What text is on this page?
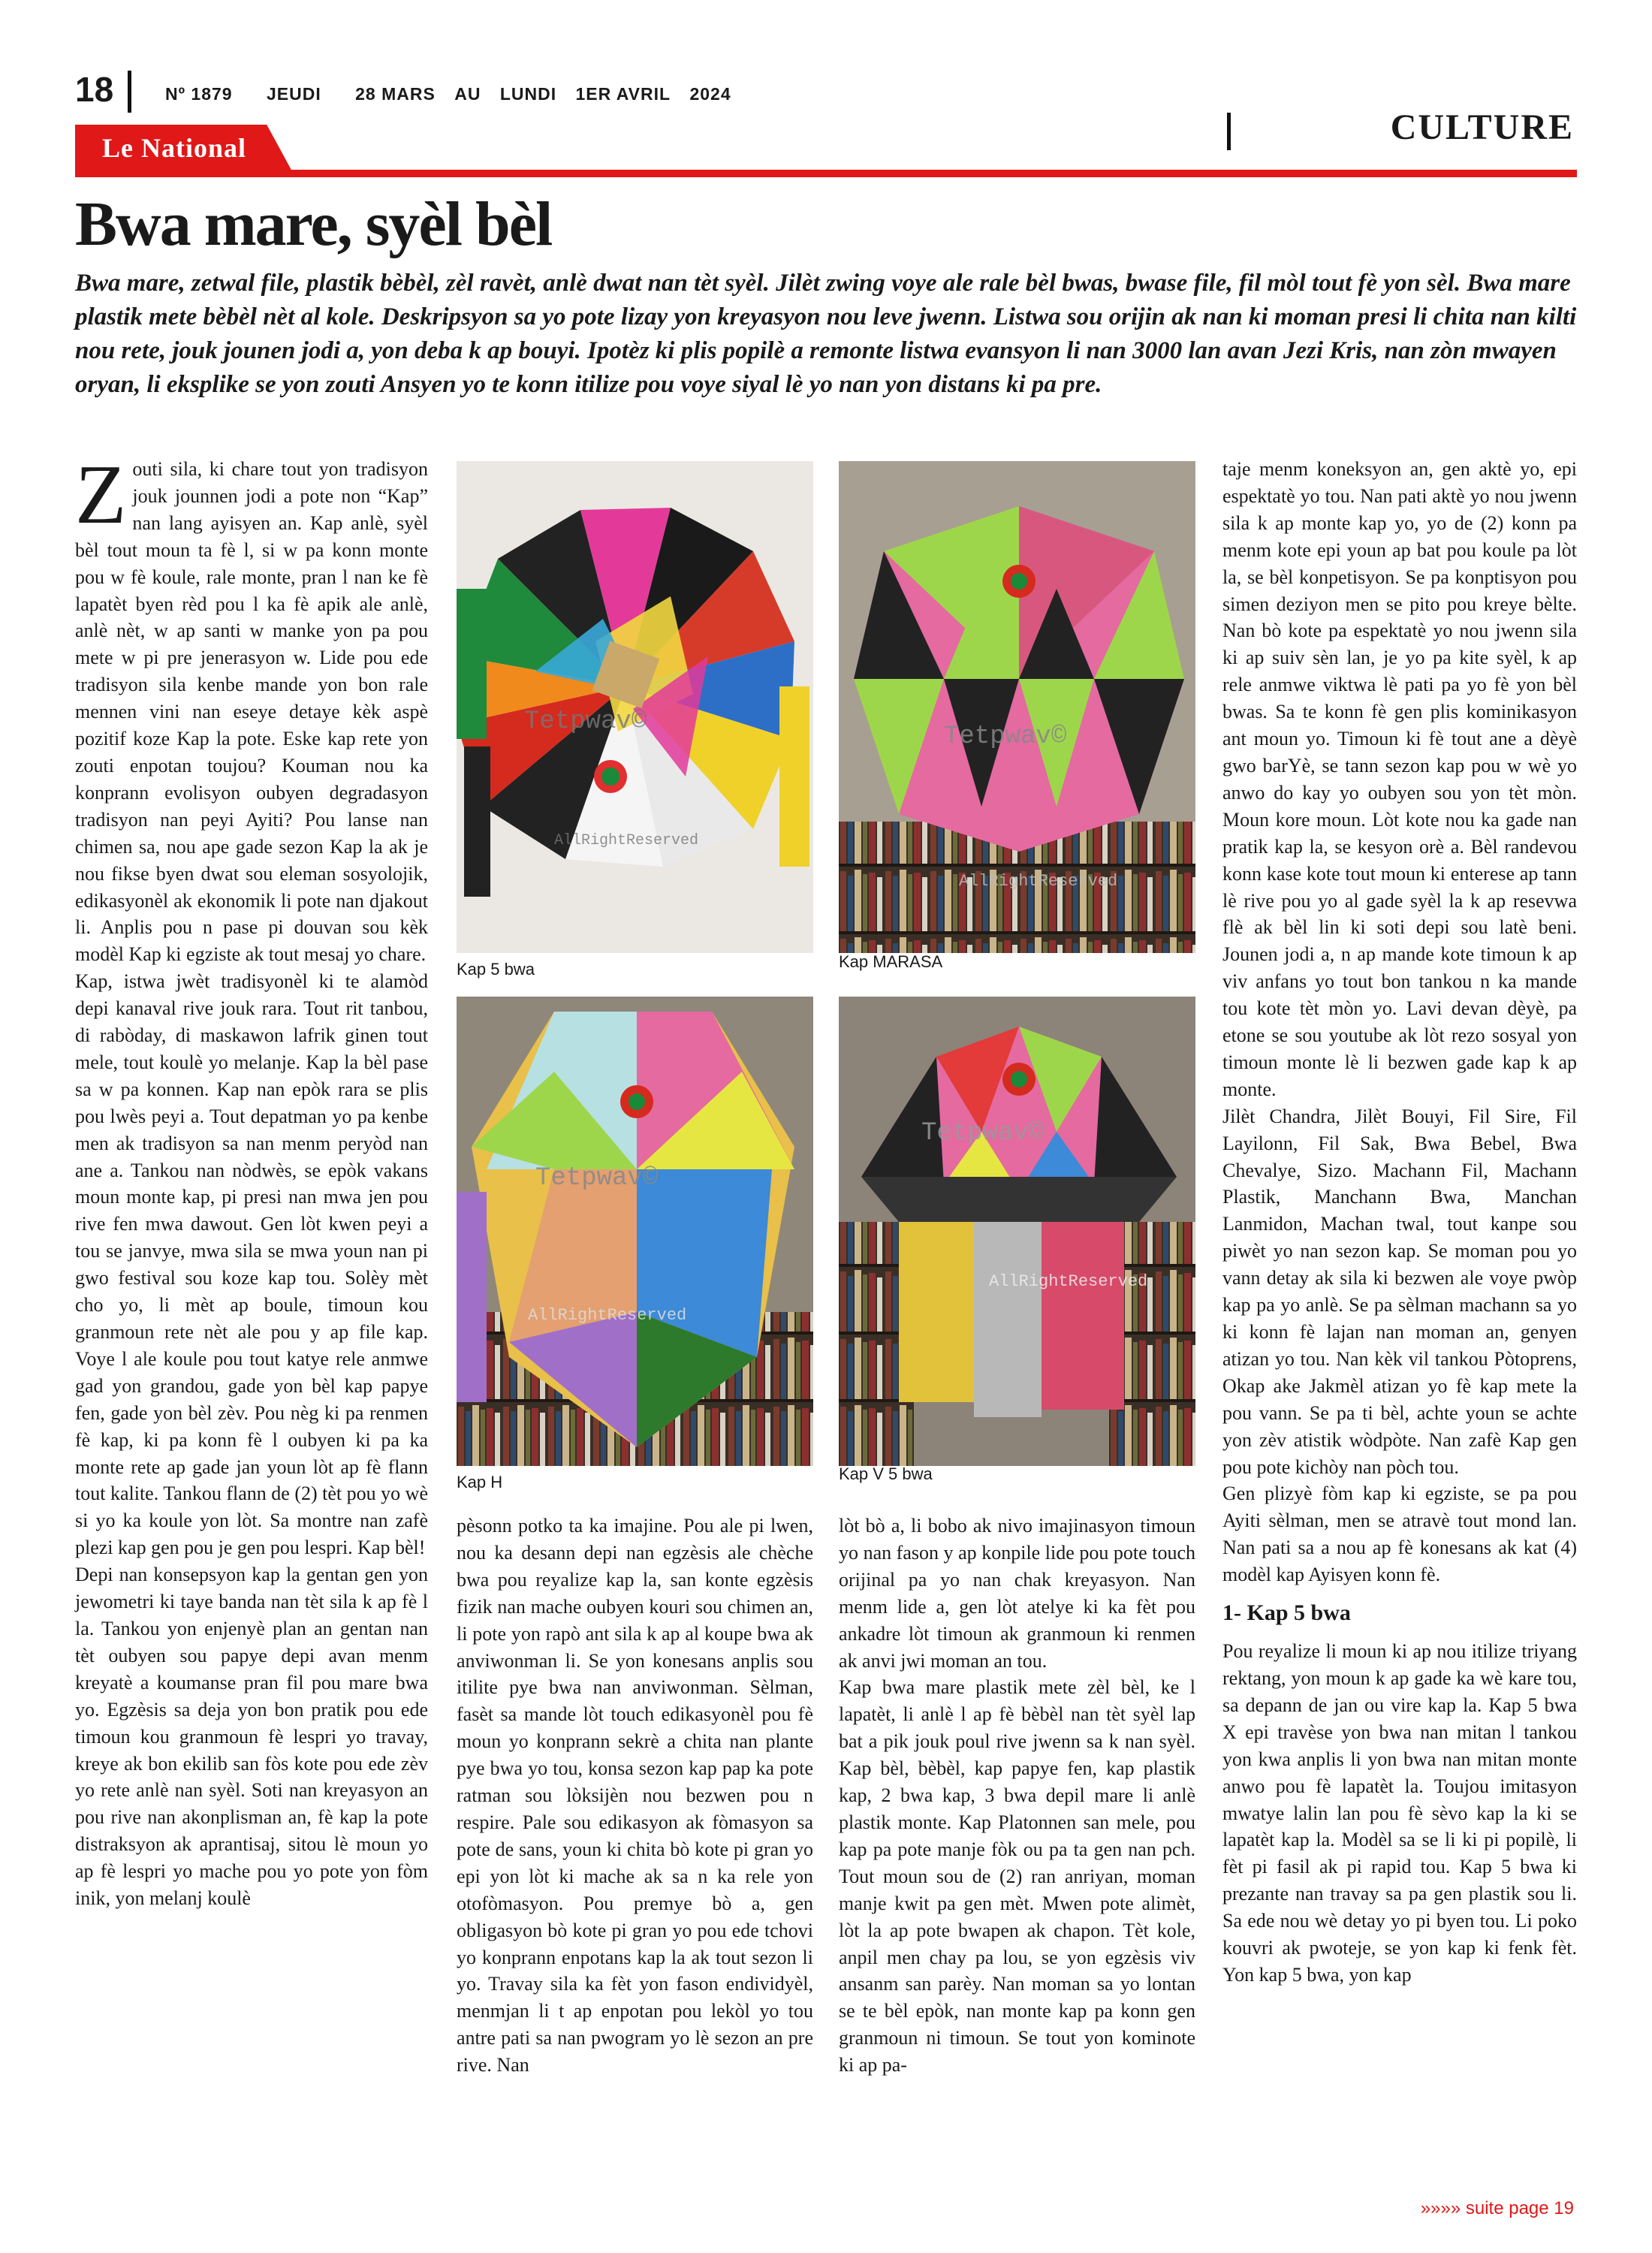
18	Nº 1879 JEUDI 28 MARS AU LUNDI 1ER AVRIL 2024
CULTURE
Le National
Bwa mare, syèl bèl
Bwa mare, zetwal file, plastik bèbèl, zèl ravèt, anlè dwat nan tèt syèl. Jilèt zwing voye ale rale bèl bwas, bwase file, fil mòl tout fè yon sèl. Bwa mare plastik mete bèbèl nèt al kole. Deskripsyon sa yo pote lizay yon kreyasyon nou leve jwenn. Listwa sou orijin ak nan ki moman presi li chita nan kilti nou rete, jouk jounen jodi a, yon deba k ap bouyi. Ipotèz ki plis popilè a remonte listwa evansyon li nan 3000 lan avan Jezi Kris, nan zòn mwayen oryan, li eksplike se yon zouti Ansyen yo te konn itilize pou voye siyal lè yo nan yon distans ki pa pre.

Zouti sila, ki chare tout yon tradisyon jouk jounnen jodi a pote non “Kap” nan lang ayisyen an. Kap anlè, syèl bèl tout moun ta fè l, si w pa konn monte pou w fè koule, rale monte, pran l nan ke fè lapatèt byen rèd pou l ka fè apik ale anlè, anlè nèt, w ap santi w manke yon pa pou mete w pi pre jenerasyon w. Lide pou ede tradisyon sila kenbe mande yon bon rale mennen vini nan eseye detaye kèk aspè pozitif koze Kap la pote. Eske kap rete yon zouti enpotan toujou? Kouman nou ka konprann evolisyon oubyen degradasyon tradisyon nan peyi Ayiti? Pou lanse nan chimen sa, nou ape gade sezon Kap la ak je nou fikse byen dwat sou eleman sosyolojik, edikasyonèl ak ekonomik li pote nan djakout li. Anplis pou n pase pi douvan sou kèk modèl Kap ki egziste ak tout mesaj yo chare.

Kap, istwa jwèt tradisyonèl ki te alamòd depi kanaval rive jouk rara. Tout rit tanbou, di rabòday, di maskawon lafrik ginen tout mele, tout koulè yo melanje. Kap la bèl pase sa w pa konnen. Kap nan epòk rara se plis pou lwès peyi a. Tout depatman yo pa kenbe men ak tradisyon sa nan menm peryòd nan ane a. Tankou nan nòdwès, se epòk vakans moun monte kap, pi presi nan mwa jen pou rive fen mwa dawout. Gen lòt kwen peyi a tou se janvye, mwa sila se mwa youn nan pi gwo festival sou koze kap tou. Solèy mèt cho yo, li mèt ap boule, timoun kou granmoun rete nèt ale pou y ap file kap. Voye l ale koule pou tout katye rele anmwe gad yon grandou, gade yon bèl kap papye fen, gade yon bèl zèv. Pou nèg ki pa renmen fè kap, ki pa konn fè l oubyen ki pa ka monte rete ap gade jan youn lòt ap fè flann tout kalite. Tankou flann de (2) tèt pou yo wè si yo ka koule yon lòt. Sa montre nan zafè plezi kap gen pou je gen pou lespri. Kap bèl!

Depi nan konsepsyon kap la gentan gen yon jewometri ki taye banda nan tèt sila k ap fè l la. Tankou yon enjenyè plan an gentan nan tèt oubyen sou papye depi avan menm kreyatè a koumanse pran fil pou mare bwa yo. Egzèsis sa deja yon bon pratik pou ede timoun kou granmoun fè lespri yo travay, kreye ak bon ekilib san fòs kote pou ede zèv yo rete anlè nan syèl. Soti nan kreyasyon an pou rive nan akonplisman an, fè kap la pote distraksyon ak aprantisaj, sitou lè moun yo ap fè lespri yo mache pou yo pote yon fòm inik, yon melanj koulè

Tetpwav©
AllRightReserved
Kap 5 bwa
Tetpwav©
AllRightReserved
Kap MARASA
Tetpwav©
AllRightReserved
Kap H
Tetpwav©
AllRightReserved
Kap V 5 bwa

pèsonn potko ta ka imajine. Pou ale pi lwen, nou ka desann depi nan egzèsis ale chèche bwa pou reyalize kap la, san konte egzèsis fizik nan mache oubyen kouri sou chimen an, li pote yon rapò ant sila k ap al koupe bwa ak anviwonman li. Se yon konesans anplis sou itilite pye bwa nan anviwonman. Sèlman, fasèt sa mande lòt touch edikasyonèl pou fè moun yo konprann sekrè a chita nan plante pye bwa yo tou, konsa sezon kap pap ka pote ratman sou lòksijèn nou bezwen pou n respire. Pale sou edikasyon ak fòmasyon sa pote de sans, youn ki chita bò kote pi gran yo epi yon lòt ki mache ak sa n ka rele yon otofòmasyon. Pou premye bò a, gen obligasyon bò kote pi gran yo pou ede tchovi yo konprann enpotans kap la ak tout sezon li yo. Travay sila ka fèt yon fason endividyèl, menmjan li t ap enpotan pou lekòl yo tou antre pati sa nan pwogram yo lè sezon an pre rive. Nan

lòt bò a, li bobo ak nivo imajinasyon timoun yo nan fason y ap konpile lide pou pote touch orijinal pa yo nan chak kreyasyon. Nan menm lide a, gen lòt atelye ki ka fèt pou ankadre lòt timoun ak granmoun ki renmen ak anvi jwi moman an tou.

Kap bwa mare plastik mete zèl bèl, ke l lapatèt, li anlè l ap fè bèbèl nan tèt syèl lap bat a pik jouk poul rive jwenn sa k nan syèl. Kap bèl, bèbèl, kap papye fen, kap plastik kap, 2 bwa kap, 3 bwa depil mare li anlè plastik monte. Kap Platonnen san mele, pou kap pa pote manje fòk ou pa ta gen nan pch. Tout moun sou de (2) ran anriyan, moman manje kwit pa gen mèt. Mwen pote alimèt, lòt la ap pote bwapen ak chapon. Tèt kole, anpil men chay pa lou, se yon egzèsis viv ansanm san parèy. Nan moman sa yo lontan se te bèl epòk, nan monte kap pa konn gen granmoun ni timoun. Se tout yon kominote ki ap pa-

taje menm koneksyon an, gen aktè yo, epi espektatè yo tou. Nan pati aktè yo nou jwenn sila k ap monte kap yo, yo de (2) konn pa menm kote epi youn ap bat pou koule pa lòt la, se bèl konpetisyon. Se pa konptisyon pou simen deziyon men se pito pou kreye bèlte. Nan bò kote pa espektatè yo nou jwenn sila ki ap suiv sèn lan, je yo pa kite syèl, k ap rele anmwe viktwa lè pati pa yo fè yon bèl bwas. Sa te konn fè gen plis kominikasyon ant moun yo. Timoun ki fè tout ane a dèyè gwo barYè, se tann sezon kap pou w wè yo anwo do kay yo oubyen sou yon tèt mòn. Moun kore moun. Lòt kote nou ka gade nan pratik kap la, se kesyon orè a. Bèl randevou konn kase kote tout moun ki enterese ap tann lè rive pou yo al gade syèl la k ap resevwa flè ak bèl lin ki soti depi sou latè beni. Jounen jodi a, n ap mande kote timoun k ap viv anfans yo tout bon tankou n ka mande tou kote tèt mòn yo. Lavi devan dèyè, pa etone se sou youtube ak lòt rezo sosyal yon timoun monte lè li bezwen gade kap k ap monte.

Jilèt Chandra, Jilèt Bouyi, Fil Sire, Fil Layilonn, Fil Sak, Bwa Bebel, Bwa Chevalye, Sizo. Machann Fil, Machann Plastik, Manchann Bwa, Manchan Lanmidon, Machan twal, tout kanpe sou piwèt yo nan sezon kap. Se moman pou yo vann detay ak sila ki bezwen ale voye pwòp kap pa yo anlè. Se pa sèlman machann sa yo ki konn fè lajan nan moman an, genyen atizan yo tou. Nan kèk vil tankou Pòtoprens, Okap ake Jakmèl atizan yo fè kap mete la pou vann. Se pa ti bèl, achte youn se achte yon zèv atistik wòdpòte. Nan zafè Kap gen pou pote kichòy nan pòch tou.

Gen plizyè fòm kap ki egziste, se pa pou Ayiti sèlman, men se atravè tout mond lan. Nan pati sa a nou ap fè konesans ak kat (4) modèl kap Ayisyen konn fè.

1- Kap 5 bwa

Pou reyalize li moun ki ap nou itilize triyang rektang, yon moun k ap gade ka wè kare tou, sa depann de jan ou vire kap la. Kap 5 bwa X epi travèse yon bwa nan mitan l tankou yon kwa anplis li yon bwa nan mitan monte anwo pou fè lapatèt la. Toujou imitasyon mwatye lalin lan pou fè sèvo kap la ki se lapatèt kap la. Modèl sa se li ki pi popilè, li fèt pi fasil ak pi rapid tou. Kap 5 bwa ki prezante nan travay sa pa gen plastik sou li. Sa ede nou wè detay yo pi byen tou. Li poko kouvri ak pwoteje, se yon kap ki fenk fèt. Yon kap 5 bwa, yon kap

»»»» suite page 19
